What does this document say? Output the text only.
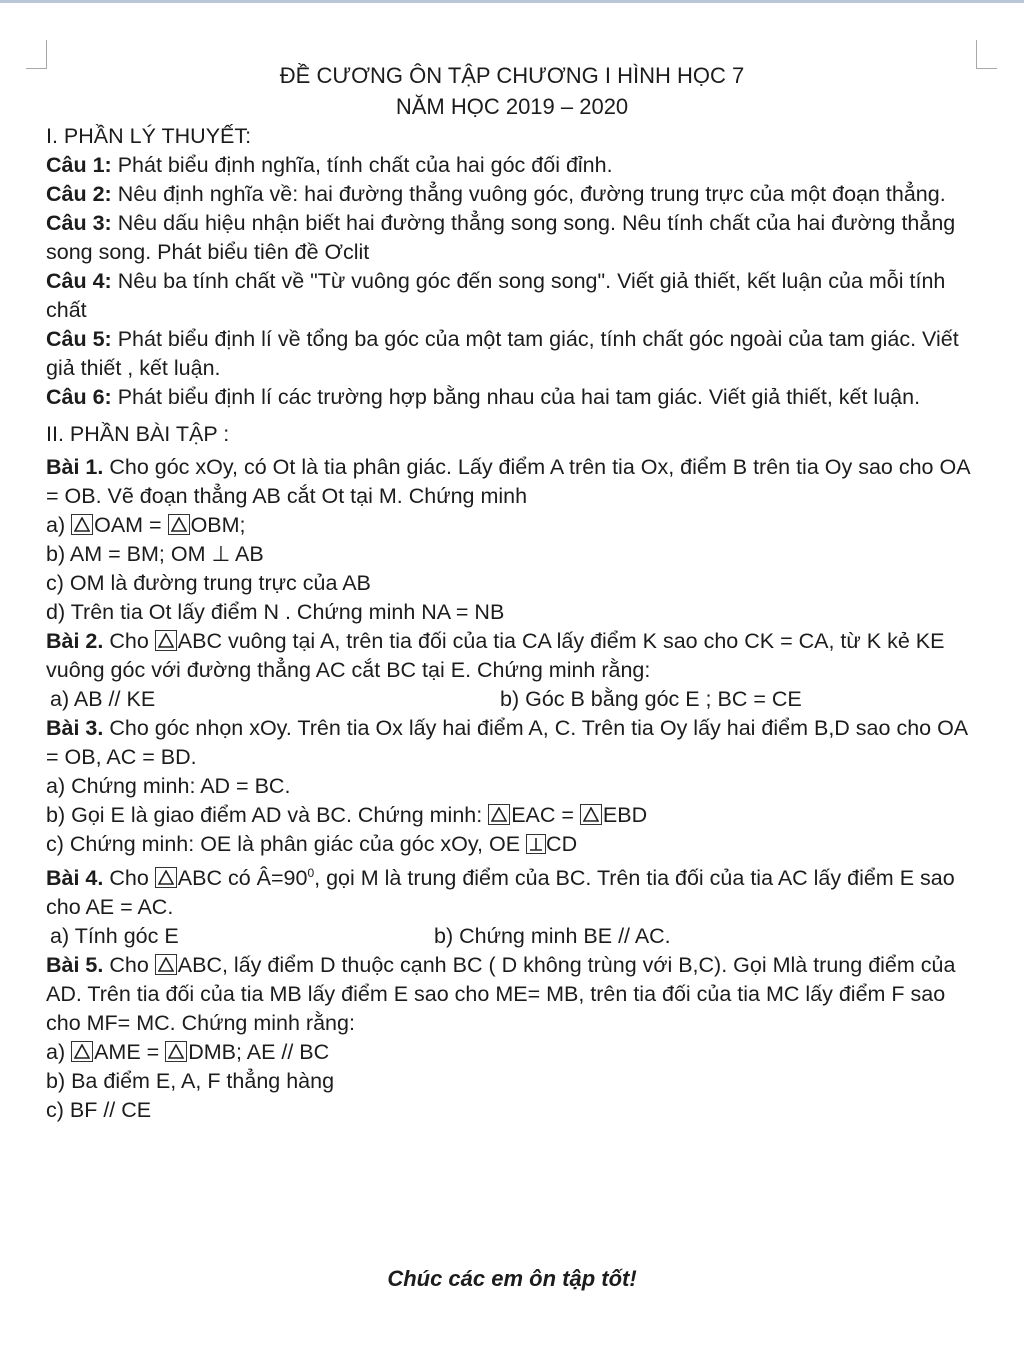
ĐỀ CƯƠNG ÔN TẬP CHƯƠNG I HÌNH HỌC 7
NĂM HỌC 2019 – 2020
I. PHẦN LÝ THUYẾT:
Câu 1: Phát biểu định nghĩa, tính chất của hai góc đối đỉnh.
Câu 2: Nêu định nghĩa về: hai đường thẳng vuông góc, đường trung trực của một đoạn thẳng.
Câu 3: Nêu dấu hiệu nhận biết hai đường thẳng song song. Nêu tính chất của hai đường thẳng song song. Phát biểu tiên đề Ơclit
Câu 4: Nêu ba tính chất về "Từ vuông góc đến song song". Viết giả thiết, kết luận của mỗi tính chất
Câu 5: Phát biểu định lí về tổng ba góc của một tam giác, tính chất góc ngoài của tam giác. Viết giả thiết , kết luận.
Câu 6: Phát biểu định lí các trường hợp bằng nhau của hai tam giác. Viết giả thiết, kết luận.
II. PHẦN BÀI TẬP :
Bài 1. Cho góc xOy, có Ot là tia phân giác. Lấy điểm A trên tia Ox, điểm B trên tia Oy sao cho OA = OB. Vẽ đoạn thẳng AB cắt Ot tại M. Chứng minh
a)
OAM =
OBM;
b) AM = BM; OM ⊥ AB
c) OM là đường trung trực của AB
d) Trên tia Ot lấy điểm N . Chứng minh NA = NB
Bài 2. Cho
ABC vuông tại A, trên tia đối của tia CA lấy điểm K sao cho CK = CA, từ K kẻ KE vuông góc với đường thẳng AC cắt BC tại E. Chứng minh rằng:
a) AB // KE	b) Góc B bằng góc E ; BC = CE
Bài 3. Cho góc nhọn xOy. Trên tia Ox lấy hai điểm A, C. Trên tia Oy lấy hai điểm B,D sao cho OA = OB, AC = BD.
a) Chứng minh: AD = BC.
b) Gọi E là giao điểm AD và BC. Chứng minh:
EAC =
EBD
c) Chứng minh: OE là phân giác của góc xOy, OE
CD
Bài 4. Cho
ABC có $Â=90^0$, gọi M là trung điểm của BC. Trên tia đối của tia AC lấy điểm E sao cho AE = AC.
a) Tính góc E	b) Chứng minh BE // AC.
Bài 5. Cho
ABC, lấy điểm D thuộc cạnh BC ( D không trùng với B,C). Gọi Mlà trung điểm của AD. Trên tia đối của tia MB lấy điểm E sao cho ME= MB, trên tia đối của tia MC lấy điểm F sao cho MF= MC. Chứng minh rằng:
a)
AME =
DMB; AE // BC
b) Ba điểm E, A, F thẳng hàng
c) BF // CE
Chúc các em ôn tập tốt!
